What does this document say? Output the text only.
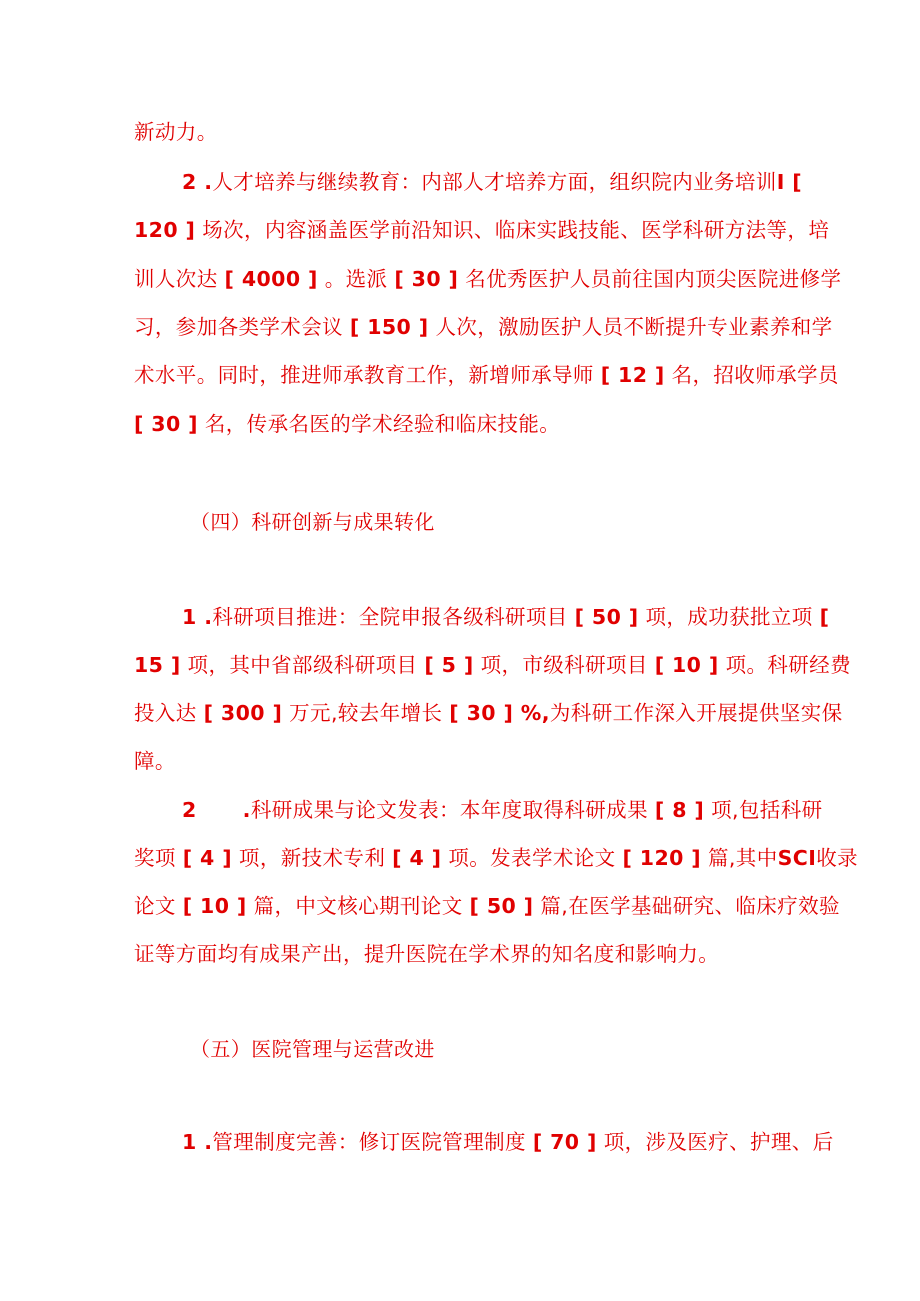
新动力。
2 .人才培养与继续教育：内部人才培养方面，组织院内业务培训I [
120 ] 场次，内容涵盖医学前沿知识、临床实践技能、医学科研方法等，培
训人次达 [ 4000 ] 。选派 [ 30 ] 名优秀医护人员前往国内顶尖医院进修学
习，参加各类学术会议 [ 150 ] 人次，激励医护人员不断提升专业素养和学
术水平。同时，推进师承教育工作，新增师承导师 [ 12 ] 名，招收师承学员
[ 30 ] 名，传承名医的学术经验和临床技能。
（四）科研创新与成果转化
1 .科研项目推进：全院申报各级科研项目 [ 50 ] 项，成功获批立项 [
15 ] 项，其中省部级科研项目 [ 5 ] 项，市级科研项目 [ 10 ] 项。科研经费
投入达 [ 300 ] 万元,较去年增长 [ 30 ] %,为科研工作深入开展提供坚实保
障。
2 .科研成果与论文发表：本年度取得科研成果 [ 8 ] 项,包括科研
奖项 [ 4 ] 项，新技术专利 [ 4 ] 项。发表学术论文 [ 120 ] 篇,其中SCI收录
论文 [ 10 ] 篇，中文核心期刊论文 [ 50 ] 篇,在医学基础研究、临床疗效验
证等方面均有成果产出，提升医院在学术界的知名度和影响力。
（五）医院管理与运营改进
1 .管理制度完善：修订医院管理制度 [ 70 ] 项，涉及医疗、护理、后
